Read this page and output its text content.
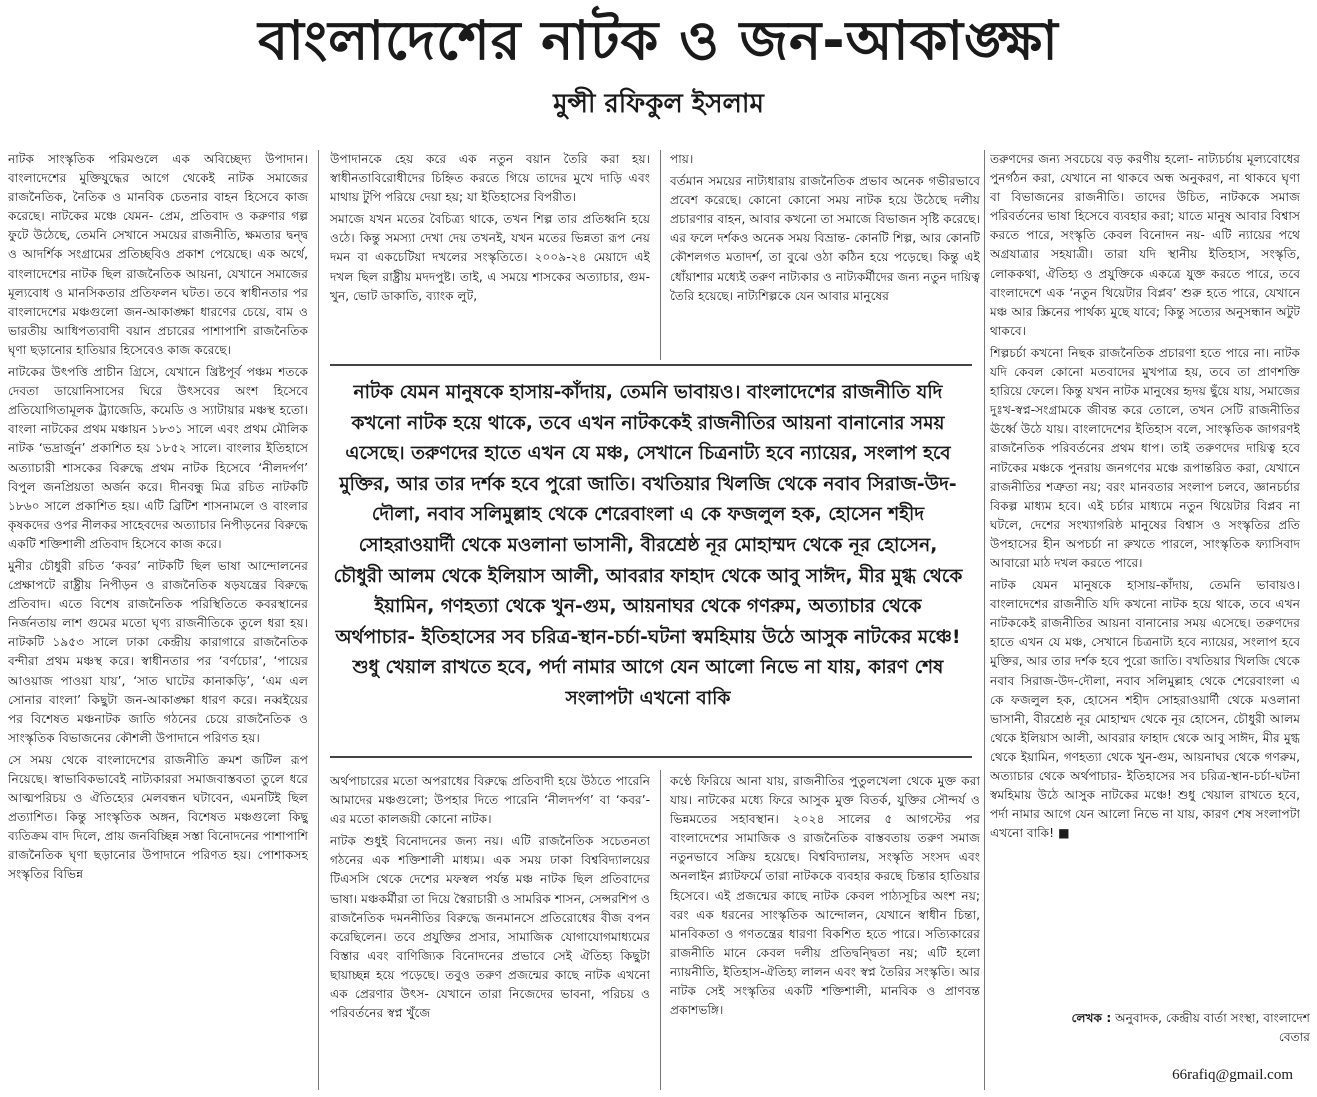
বাংলাদেশের নাটক ও জন-আকাঙ্ক্ষা
মুন্সী রফিকুল ইসলাম

নাটক সাংস্কৃতিক পরিমণ্ডলে এক অবিচ্ছেদ্য উপাদান। বাংলাদেশের মুক্তিযুদ্ধের আগে থেকেই নাটক সমাজের রাজনৈতিক, নৈতিক ও মানবিক চেতনার বাহন হিসেবে কাজ করেছে। নাটকের মঞ্চে যেমন- প্রেম, প্রতিবাদ ও করুণার গল্প ফুটে উঠেছে, তেমনি সেখানে সময়ের রাজনীতি, ক্ষমতার দ্বন্দ্ব ও আদর্শিক সংগ্রামের প্রতিচ্ছবিও প্রকাশ পেয়েছে। এক অর্থে, বাংলাদেশের নাটক ছিল রাজনৈতিক আয়না, যেখানে সমাজের মূল্যবোধ ও মানসিকতার প্রতিফলন ঘটত। তবে স্বাধীনতার পর বাংলাদেশের মঞ্চগুলো জন-আকাঙ্ক্ষা ধারণের চেয়ে, বাম ও ভারতীয় আধিপত্যবাদী বয়ান প্রচারের পাশাপাশি রাজনৈতিক ঘৃণা ছড়ানোর হাতিয়ার হিসেবেও কাজ করেছে।

নাটকের উৎপত্তি প্রাচীন গ্রিসে, যেখানে খ্রিষ্টপূর্ব পঞ্চম শতকে দেবতা ডায়োনিসাসের ঘিরে উৎসবের অংশ হিসেবে প্রতিযোগিতামূলক ট্র্যাজেডি, কমেডি ও স্যাটায়ার মঞ্চস্থ হতো। বাংলা নাটকের প্রথম মঞ্চায়ন ১৮৩১ সালে এবং প্রথম মৌলিক নাটক ‘ভদ্রার্জুন’ প্রকাশিত হয় ১৮৫২ সালে। বাংলার ইতিহাসে অত্যাচারী শাসকের বিরুদ্ধে প্রথম নাটক হিসেবে ‘নীলদর্পণ’ বিপুল জনপ্রিয়তা অর্জন করে। দীনবন্ধু মিত্র রচিত নাটকটি ১৮৬০ সালে প্রকাশিত হয়। এটি ব্রিটিশ শাসনামলে ও বাংলার কৃষকদের ওপর নীলকর সাহেবদের অত্যাচার নিপীড়নের বিরুদ্ধে একটি শক্তিশালী প্রতিবাদ হিসেবে কাজ করে।

মুনীর চৌধুরী রচিত ‘কবর’ নাটকটি ছিল ভাষা আন্দোলনের প্রেক্ষাপটে রাষ্ট্রীয় নিপীড়ন ও রাজনৈতিক ষড়যন্ত্রের বিরুদ্ধে প্রতিবাদ। এতে বিশেষ রাজনৈতিক পরিস্থিতিতে কবরস্থানের নির্জনতায় লাশ গুমের মতো ঘৃণ্য রাজনীতিকে তুলে ধরা হয়। নাটকটি ১৯৫৩ সালে ঢাকা কেন্দ্রীয় কারাগারে রাজনৈতিক বন্দীরা প্রথম মঞ্চস্থ করে। স্বাধীনতার পর ‘বর্ণচোর’, ‘পায়ের আওয়াজ পাওয়া যায়’, ‘সাত ঘাটের কানাকড়ি’, ‘এম এল সোনার বাংলা’ কিছুটা জন-আকাঙ্ক্ষা ধারণ করে। নব্বইয়ের পর বিশেষত মঞ্চনাটক জাতি গঠনের চেয়ে রাজনৈতিক ও সাংস্কৃতিক বিভাজনের কৌশলী উপাদানে পরিণত হয়।

সে সময় থেকে বাংলাদেশের রাজনীতি ক্রমশ জটিল রূপ নিয়েছে। স্বাভাবিকভাবেই নাট্যকাররা সমাজবাস্তবতা তুলে ধরে আত্মপরিচয় ও ঐতিহ্যের মেলবন্ধন ঘটাবেন, এমনটিই ছিল প্রত্যাশিত। কিন্তু সাংস্কৃতিক অঙ্গন, বিশেষত মঞ্চগুলো কিছু ব্যতিক্রম বাদ দিলে, প্রায় জনবিচ্ছিন্ন সস্তা বিনোদনের পাশাপাশি রাজনৈতিক ঘৃণা ছড়ানোর উপাদানে পরিণত হয়। পোশাকসহ সংস্কৃতির বিভিন্ন

উপাদানকে হেয় করে এক নতুন বয়ান তৈরি করা হয়। স্বাধীনতাবিরোধীদের চিহ্নিত করতে গিয়ে তাদের মুখে দাড়ি এবং মাথায় টুপি পরিয়ে দেয়া হয়; যা ইতিহাসের বিপরীত।

সমাজে যখন মতের বৈচিত্র্য থাকে, তখন শিল্প তার প্রতিধ্বনি হয়ে ওঠে। কিন্তু সমস্যা দেখা দেয় তখনই, যখন মতের ভিন্নতা রূপ নেয় দমন বা একচেটিয়া দখলের সংস্কৃতিতে। ২০০৯-২৪ মেয়াদে এই দখল ছিল রাষ্ট্রীয় মদদপুষ্ট। তাই, এ সময়ে শাসকের অত্যাচার, গুম-খুন, ভোট ডাকাতি, ব্যাংক লুট,

পায়।

বর্তমান সময়ের নাট্যধারায় রাজনৈতিক প্রভাব অনেক গভীরভাবে প্রবেশ করেছে। কোনো কোনো সময় নাটক হয়ে উঠেছে দলীয় প্রচারণার বাহন, আবার কখনো তা সমাজে বিভাজন সৃষ্টি করেছে। এর ফলে দর্শকও অনেক সময় বিভ্রান্ত- কোনটি শিল্প, আর কোনটি কৌশলগত মতাদর্শ, তা বুঝে ওঠা কঠিন হয়ে পড়েছে। কিন্তু এই ধোঁয়াশার মধ্যেই তরুণ নাট্যকার ও নাট্যকর্মীদের জন্য নতুন দায়িত্ব তৈরি হয়েছে। নাট্যশিল্পকে যেন আবার মানুষের

তরুণদের জন্য সবচেয়ে বড় করণীয় হলো- নাট্যচর্চায় মূল্যবোধের পুনর্গঠন করা, যেখানে না থাকবে অন্ধ অনুকরণ, না থাকবে ঘৃণা বা বিভাজনের রাজনীতি। তাদের উচিত, নাটককে সমাজ পরিবর্তনের ভাষা হিসেবে ব্যবহার করা; যাতে মানুষ আবার বিশ্বাস করতে পারে, সংস্কৃতি কেবল বিনোদন নয়- এটি ন্যায়ের পথে অগ্রযাত্রার সহযাত্রী। তারা যদি স্থানীয় ইতিহাস, সংস্কৃতি, লোককথা, ঐতিহ্য ও প্রযুক্তিকে একত্রে যুক্ত করতে পারে, তবে বাংলাদেশে এক ‘নতুন থিয়েটার বিপ্লব’ শুরু হতে পারে, যেখানে মঞ্চ আর স্ক্রিনের পার্থক্য মুছে যাবে; কিন্তু সত্যের অনুসন্ধান অটুট থাকবে।

শিল্পচর্চা কখনো নিছক রাজনৈতিক প্রচারণা হতে পারে না। নাটক যদি কেবল কোনো মতবাদের মুখপাত্র হয়, তবে তা প্রাণশক্তি হারিয়ে ফেলে। কিন্তু যখন নাটক মানুষের হৃদয় ছুঁয়ে যায়, সমাজের দুঃখ-স্বপ্ন-সংগ্রামকে জীবন্ত করে তোলে, তখন সেটি রাজনীতির ঊর্ধ্বে উঠে যায়। বাংলাদেশের ইতিহাস বলে, সাংস্কৃতিক জাগরণই রাজনৈতিক পরিবর্তনের প্রথম ধাপ। তাই তরুণদের দায়িত্ব হবে নাটকের মঞ্চকে পুনরায় জনগণের মঞ্চে রূপান্তরিত করা, যেখানে রাজনীতির শত্রুতা নয়; বরং মানবতার সংলাপ চলবে, জ্ঞানচর্চার বিকল্প মাধ্যম হবে। এই চর্চার মাধ্যমে নতুন থিয়েটার বিপ্লব না ঘটলে, দেশের সংখ্যাগরিষ্ঠ মানুষের বিশ্বাস ও সংস্কৃতির প্রতি উপহাসের হীন অপচর্চা না রুখতে পারলে, সাংস্কৃতিক ফ্যাসিবাদ আবারো মাঠ দখল করতে পারে।

নাটক যেমন মানুষকে হাসায়-কাঁদায়, তেমনি ভাবায়ও। বাংলাদেশের রাজনীতি যদি কখনো নাটক হয়ে থাকে, তবে এখন নাটককেই রাজনীতির আয়না বানানোর সময় এসেছে। তরুণদের হাতে এখন যে মঞ্চ, সেখানে চিত্রনাট্য হবে ন্যায়ের, সংলাপ হবে মুক্তির, আর তার দর্শক হবে পুরো জাতি। বখতিয়ার খিলজি থেকে নবাব সিরাজ-উদ-দৌলা, নবাব সলিমুল্লাহ থেকে শেরেবাংলা এ কে ফজলুল হক, হোসেন শহীদ সোহরাওয়ার্দী থেকে মওলানা ভাসানী, বীরশ্রেষ্ঠ নূর মোহাম্মদ থেকে নূর হোসেন, চৌধুরী আলম থেকে ইলিয়াস আলী, আবরার ফাহাদ থেকে আবু সাঈদ, মীর মুগ্ধ থেকে ইয়ামিন, গণহত্যা থেকে খুন-গুম, আয়নাঘর থেকে গণরুম, অত্যাচার থেকে অর্থপাচার- ইতিহাসের সব চরিত্র-স্থান-চর্চা-ঘটনা স্বমহিমায় উঠে আসুক নাটকের মঞ্চে! শুধু খেয়াল রাখতে হবে, পর্দা নামার আগে যেন আলো নিভে না যায়, কারণ শেষ সংলাপটা এখনো বাকি! ■

নাটক যেমন মানুষকে হাসায়-কাঁদায়, তেমনি ভাবায়ও। বাংলাদেশের রাজনীতি যদি কখনো নাটক হয়ে থাকে, তবে এখন নাটককেই রাজনীতির আয়না বানানোর সময় এসেছে। তরুণদের হাতে এখন যে মঞ্চ, সেখানে চিত্রনাট্য হবে ন্যায়ের, সংলাপ হবে মুক্তির, আর তার দর্শক হবে পুরো জাতি। বখতিয়ার খিলজি থেকে নবাব সিরাজ-উদ-দৌলা, নবাব সলিমুল্লাহ থেকে শেরেবাংলা এ কে ফজলুল হক, হোসেন শহীদ সোহরাওয়ার্দী থেকে মওলানা ভাসানী, বীরশ্রেষ্ঠ নূর মোহাম্মদ থেকে নূর হোসেন, চৌধুরী আলম থেকে ইলিয়াস আলী, আবরার ফাহাদ থেকে আবু সাঈদ, মীর মুগ্ধ থেকে ইয়ামিন, গণহত্যা থেকে খুন-গুম, আয়নাঘর থেকে গণরুম, অত্যাচার থেকে অর্থপাচার- ইতিহাসের সব চরিত্র-স্থান-চর্চা-ঘটনা স্বমহিমায় উঠে আসুক নাটকের মঞ্চে! শুধু খেয়াল রাখতে হবে, পর্দা নামার আগে যেন আলো নিভে না যায়, কারণ শেষ সংলাপটা এখনো বাকি

অর্থপাচারের মতো অপরাধের বিরুদ্ধে প্রতিবাদী হয়ে উঠতে পারেনি আমাদের মঞ্চগুলো; উপহার দিতে পারেনি ‘নীলদর্পণ’ বা ‘কবর’-এর মতো কালজয়ী কোনো নাটক।

নাটক শুধুই বিনোদনের জন্য নয়। এটি রাজনৈতিক সচেতনতা গঠনের এক শক্তিশালী মাধ্যম। এক সময় ঢাকা বিশ্ববিদ্যালয়ের টিএসসি থেকে দেশের মফস্বল পর্যন্ত মঞ্চ নাটক ছিল প্রতিবাদের ভাষা। মঞ্চকর্মীরা তা দিয়ে স্বৈরাচারী ও সামরিক শাসন, সেন্সরশিপ ও রাজনৈতিক দমননীতির বিরুদ্ধে জনমানসে প্রতিরোধের বীজ বপন করেছিলেন। তবে প্রযুক্তির প্রসার, সামাজিক যোগাযোগমাধ্যমের বিস্তার এবং বাণিজ্যিক বিনোদনের প্রভাবে সেই ঐতিহ্য কিছুটা ছায়াচ্ছন্ন হয়ে পড়েছে। তবুও তরুণ প্রজন্মের কাছে নাটক এখনো এক প্রেরণার উৎস- যেখানে তারা নিজেদের ভাবনা, পরিচয় ও পরিবর্তনের স্বপ্ন খুঁজে

কণ্ঠে ফিরিয়ে আনা যায়, রাজনীতির পুতুলখেলা থেকে মুক্ত করা যায়। নাটকের মধ্যে ফিরে আসুক মুক্ত বিতর্ক, যুক্তির সৌন্দর্য ও ভিন্নমতের সহাবস্থান। ২০২৪ সালের ৫ আগস্টের পর বাংলাদেশের সামাজিক ও রাজনৈতিক বাস্তবতায় তরুণ সমাজ নতুনভাবে সক্রিয় হয়েছে। বিশ্ববিদ্যালয়, সংস্কৃতি সংসদ এবং অনলাইন প্ল্যাটফর্মে তারা নাটককে ব্যবহার করছে চিন্তার হাতিয়ার হিসেবে। এই প্রজন্মের কাছে নাটক কেবল পাঠ্যসূচির অংশ নয়; বরং এক ধরনের সাংস্কৃতিক আন্দোলন, যেখানে স্বাধীন চিন্তা, মানবিকতা ও গণতন্ত্রের ধারণা বিকশিত হতে পারে। সত্যিকারের রাজনীতি মানে কেবল দলীয় প্রতিদ্বন্দ্বিতা নয়; এটি হলো ন্যায়নীতি, ইতিহাস-ঐতিহ্য লালন এবং স্বপ্ন তৈরির সংস্কৃতি। আর নাটক সেই সংস্কৃতির একটি শক্তিশালী, মানবিক ও প্রাণবন্ত প্রকাশভঙ্গি।

লেখক : অনুবাদক, কেন্দ্রীয় বার্তা সংস্থা, বাংলাদেশ বেতার

66rafiq@gmail.com
